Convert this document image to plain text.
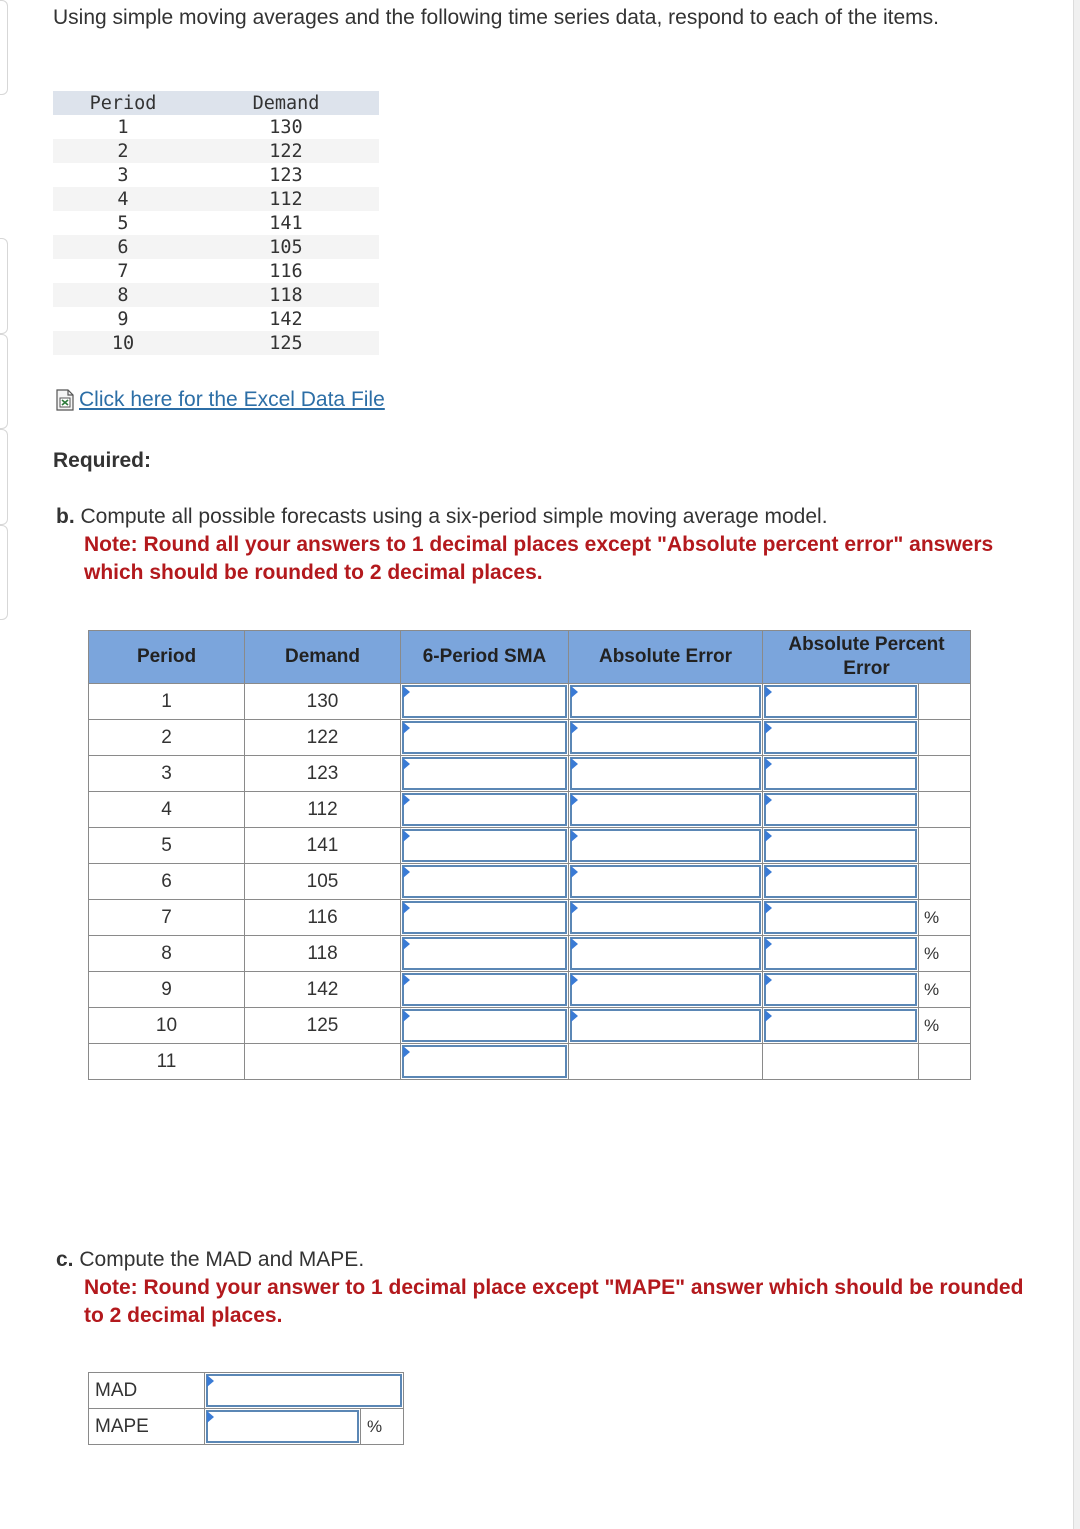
Using simple moving averages and the following time series data, respond to each of the items.

Period	Demand
1	130
2	122
3	123
4	112
5	141
6	105
7	116
8	118
9	142
10	125
Click here for the Excel Data File

Required:

b. Compute all possible forecasts using a six-period simple moving average model.
Note: Round all your answers to 1 decimal places except "Absolute percent error" answers which should be rounded to 2 decimal places.
Period	Demand	6-Period SMA	Absolute Error	Absolute Percent Error	
1	130	

2	122	

3	123	

4	112	

5	141	

6	105	

7	116				%
8	118				%
9	142				%
10	125				%
11		

c. Compute the MAD and MAPE.
Note: Round your answer to 1 decimal place except "MAPE" answer which should be rounded to 2 decimal places.
MAD		

MAPE		%
